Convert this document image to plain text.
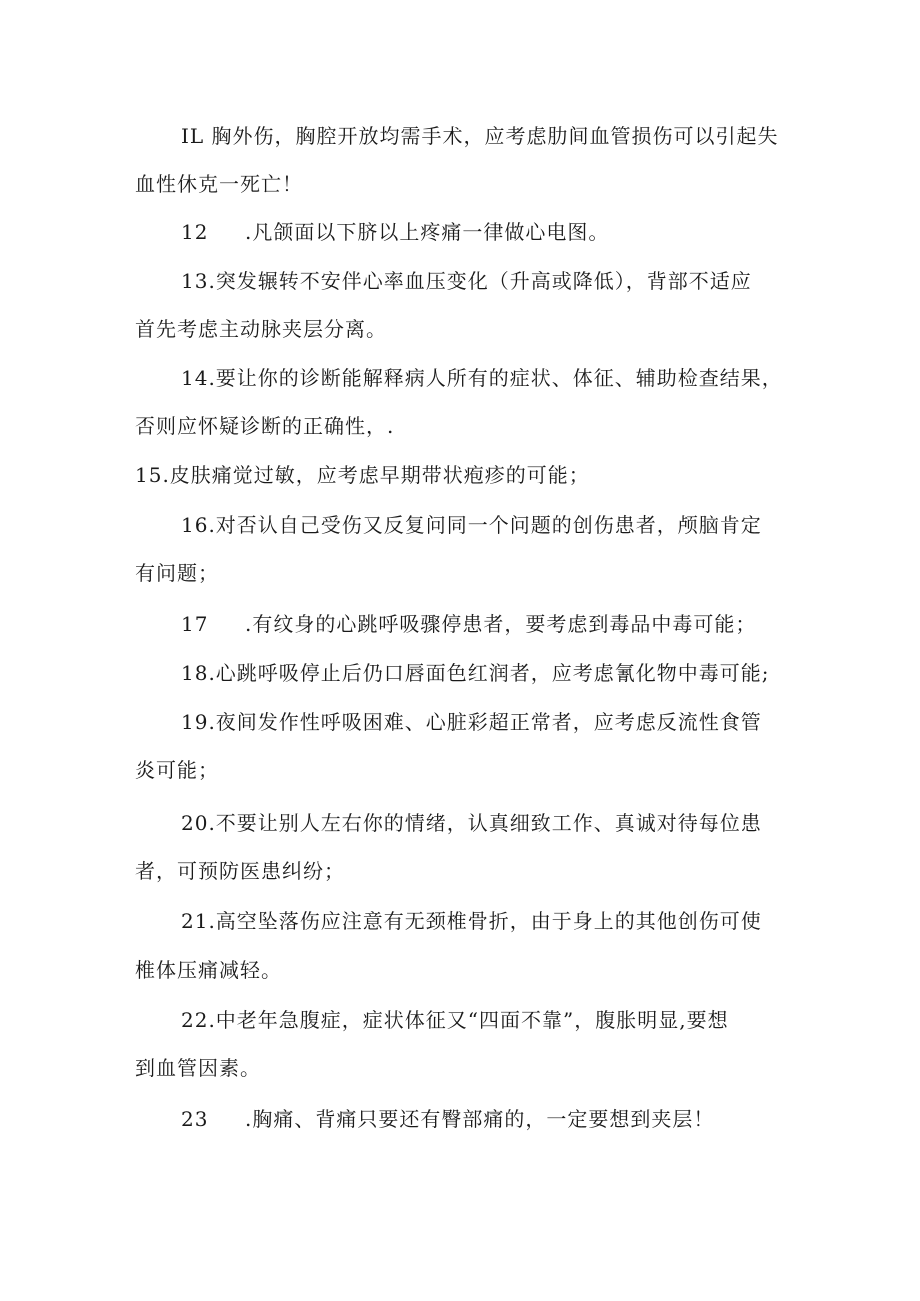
IL 胸外伤，胸腔开放均需手术，应考虑肋间血管损伤可以引起失
血性休克一死亡！
12 .凡颌面以下脐以上疼痛一律做心电图。
13.突发辗转不安伴心率血压变化（升高或降低），背部不适应
首先考虑主动脉夹层分离。
14.要让你的诊断能解释病人所有的症状、体征、辅助检查结果，
否则应怀疑诊断的正确性，.
15.皮肤痛觉过敏，应考虑早期带状疱疹的可能；
16.对否认自己受伤又反复问同一个问题的创伤患者，颅脑肯定
有问题；
17 .有纹身的心跳呼吸骤停患者，要考虑到毒品中毒可能；
18.心跳呼吸停止后仍口唇面色红润者，应考虑氰化物中毒可能;
19.夜间发作性呼吸困难、心脏彩超正常者，应考虑反流性食管
炎可能；
20.不要让别人左右你的情绪，认真细致工作、真诚对待每位患
者，可预防医患纠纷；
21.高空坠落伤应注意有无颈椎骨折，由于身上的其他创伤可使
椎体压痛减轻。
22.中老年急腹症，症状体征又“四面不靠”，腹胀明显,要想
到血管因素。
23 .胸痛、背痛只要还有臀部痛的，一定要想到夹层！
